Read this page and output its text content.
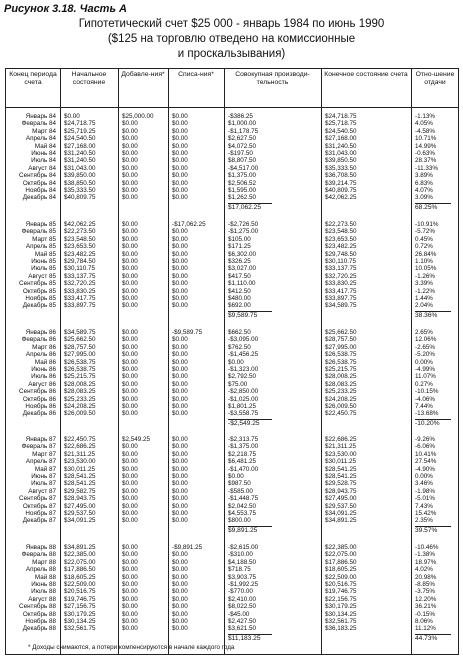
Рисунок 3.18. Часть А
Гипотетический счет $25 000 - январь 1984 по июнь 1990
($125 на торговлю отведено на комиссионные
и проскальзывания)
Конец периода счета
Начальное состояние
Добавле-ния*	Списа-ния*	Совокупная производи-тельность
Конечное состояние счета	Отно-шение отдачи
* Доходы снимаются, а потери компенсируются в начале каждого года
Январь 84 $0.00	$25,000.00	$0.00	-$386.25	$24,718.75	-1.13%
Февраль 84 $24,718.75	$0.00	$0.00	$1,000.00	$25,718.75	4.05%
Март 84 $25,719.25	$0.00	$0.00	-$1,178.75	$24,540.50	-4.58%
Апрель 84 $24,540.50	$0.00	$0.00	$2,627.50	$27,168.00	10.71%
Май 84 $27,168.00	$0.00	$0.00	$4,072.50	$31,240.50	14.99%
Июнь 84 $31,240.50	$0.00	$0.00	-$197.50	$31,043.00	-0.63%
Июль 84 $31,240.50	$0.00	$0.00	$8,807.50	$39,850.50	28.37%
Август 84 $31,043.00	$0.00	$0.00	-$4,517.00	$35,333.50	-11.33%
Сентябрь 84 $39,850.00	$0.00	$0.00	$1,375.00	$36,708.50	3.89%
Октябрь 84 $38,850.50	$0.00	$0.00	$2,506.52	$39,214.75	6.83%
Ноябрь 84 $35,333.50	$0.00	$0.00	$1,595.00	$40,809.75	4.07%
Декабрь 84 $40,809.75	$0.00	$0.00	$1,262.50	$42,062.25	3.09%
$17,062.25	68.25%
Январь 85 $42,062.25	$0.00	-$17,062.25	-$2,726.50	$22,273.50	-10.91%
Февраль 85 $22,273.50	$0.00	$0.00	-$1,275.00	$23,548.50	-5.72%
Март 85 $23,548.50	$0.00	$0.00	$105.00	$23,653.50	0.45%
Апрель 85 $23,653.50	$0.00	$0.00	$171.25	$23,482.25	0.72%
Май 85 $23,482.25	$0.00	$0.00	$6,302.00	$29,748.50	26.84%
Июнь 85 $29,784.50	$0.00	$0.00	$326.25	$30,110.75	1.10%
Июль 85 $30,110.75	$0.00	$0.00	$3,027.00	$33,137.75	10.05%
Август 85 $33,137.75	$0.00	$0.00	$417.50	$32,720.25	-1.26%
Сентябрь 85 $32,720.25	$0.00	$0.00	$1,110.00	$33,830.25	3.39%
Октябрь 85 $33,830.25	$0.00	$0.00	$412.50	$33,417.75	-1.22%
Ноябрь 85 $33,417.75	$0.00	$0.00	$480.00	$33,897.75	1.44%
Декабрь 85 $33,897.75	$0.00	$0.00	$692.00	$34,589.75	2.04%
$9,589.75	38.36%
Январь 86 $34,589.75	$0.00	-$9,589.75	$662.50	$25,662.50	2.65%
Февраль 86 $25,662.50	$0.00	$0.00	-$3,095.00	$28,757.50	12.06%
Март 86 $28,757.50	$0.00	$0.00	$762.50	$27,995.00	-2.65%
Апрель 86 $27,995.00	$0.00	$0.00	-$1,456.25	$26,538.75	-5.20%
Май 86 $26,538.75	$0.00	$0.00	$0.00	$26,538.75	0.00%
Июнь 86 $26,538.75	$0.00	$0.00	-$1,323.00	$25,215.75	-4.99%
Июль 86 $25,215.75	$0.00	$0.00	$2,792.50	$28,008.25	11.07%
Август 86 $28,008.25	$0.00	$0.00	$75.00	$28,083.25	0.27%
Сентябрь 86 $28,083.25	$0.00	$0.00	-$2,850.00	$25,233.25	-10.15%
Октябрь 86 $25,233.25	$0.00	$0.00	-$1,025.00	$24,208.25	-4.06%
Ноябрь 86 $24,208.25	$0.00	$0.00	$1,801.25	$26,009.50	7.44%
Декабрь 86 $26,009.50	$0.00	$0.00	-$3,558.75	$22,450.75	-13.68%
-$2,549.25	-10.20%
Январь 87 $22,450.75	$2,549.25	$0.00	-$2,313.75	$22,686.25	-9.26%
Февраль 87 $22,686.25	$0.00	$0.00	-$1,375.00	$21,311.25	-6.06%
Март 87 $21,311.25	$0.00	$0.00	$2,218.75	$23,530.00	10.41%
Апрель 87 $23,530.00	$0.00	$0.00	$6,481.25	$30,011.25	27.54%
Май 87 $30,011.25	$0.00	$0.00	-$1,470.00	$28,541.25	-4.90%
Июнь 87 $28,541.25	$0.00	$0.00	$0.00	$28,541.25	0.00%
Июль 87 $28,541.25	$0.00	$0.00	$987.50	$29,528.75	3.46%
Август 87 $29,582.75	$0.00	$0.00	-$585.00	$28,943.75	-1.98%
Сентябрь 87 $28,943.75	$0.00	$0.00	-$1,448.75	$27,495.00	-5.01%
Октябрь 87 $27,495.00	$0.00	$0.00	$2,042.50	$29,537.50	7.43%
Ноябрь 87 $29,537.50	$0.00	$0.00	$4,553.75	$34,091.25	15.42%
Декабрь 87 $34,091.25	$0.00	$0.00	$800.00	$34,891.25	2.35%
$9,891.25	39.57%
Январь 88 $34,891.25	$0.00	-$9,891.25	-$2,615.00	$22,385.00	-10.46%
Февраль 88 $22,385.00	$0.00	$0.00	-$310.00	$22,075.00	-1.38%
Март 88 $22,075.00	$0.00	$0.00	$4,188.50	$17,886.50	18.97%
Апрель 88 $17,886.50	$0.00	$0.00	$718.75	$18,605.25	4.02%
Май 88 $18,605.25	$0.00	$0.00	$3,903.75	$22,509.00	20.98%
Июнь 88 $22,509.00	$0.00	$0.00	-$1,992.25	$20,516.75	-8.85%
Июль 88 $20,516.75	$0.00	$0.00	-$770.00	$19,746.75	-3.75%
Август 88 $19,746.75	$0.00	$0.00	$2,410.00	$22,156.75	12.20%
Сентябрь 88 $27,156.75	$0.00	$0.00	$8,022.50	$30,179.25	36.21%
Октябрь 88 $30,179.25	$0.00	$0.00	-$45.00	$30,134.25	-0.15%
Ноябрь 88 $30,134.25	$0.00	$0.00	$2,427.50	$32,561.75	8.06%
Декабрь 88 $32,561.75	$0.00	$0.00	$3,621.50	$36,183.25	11.12%
$11,183.25	44.73%
